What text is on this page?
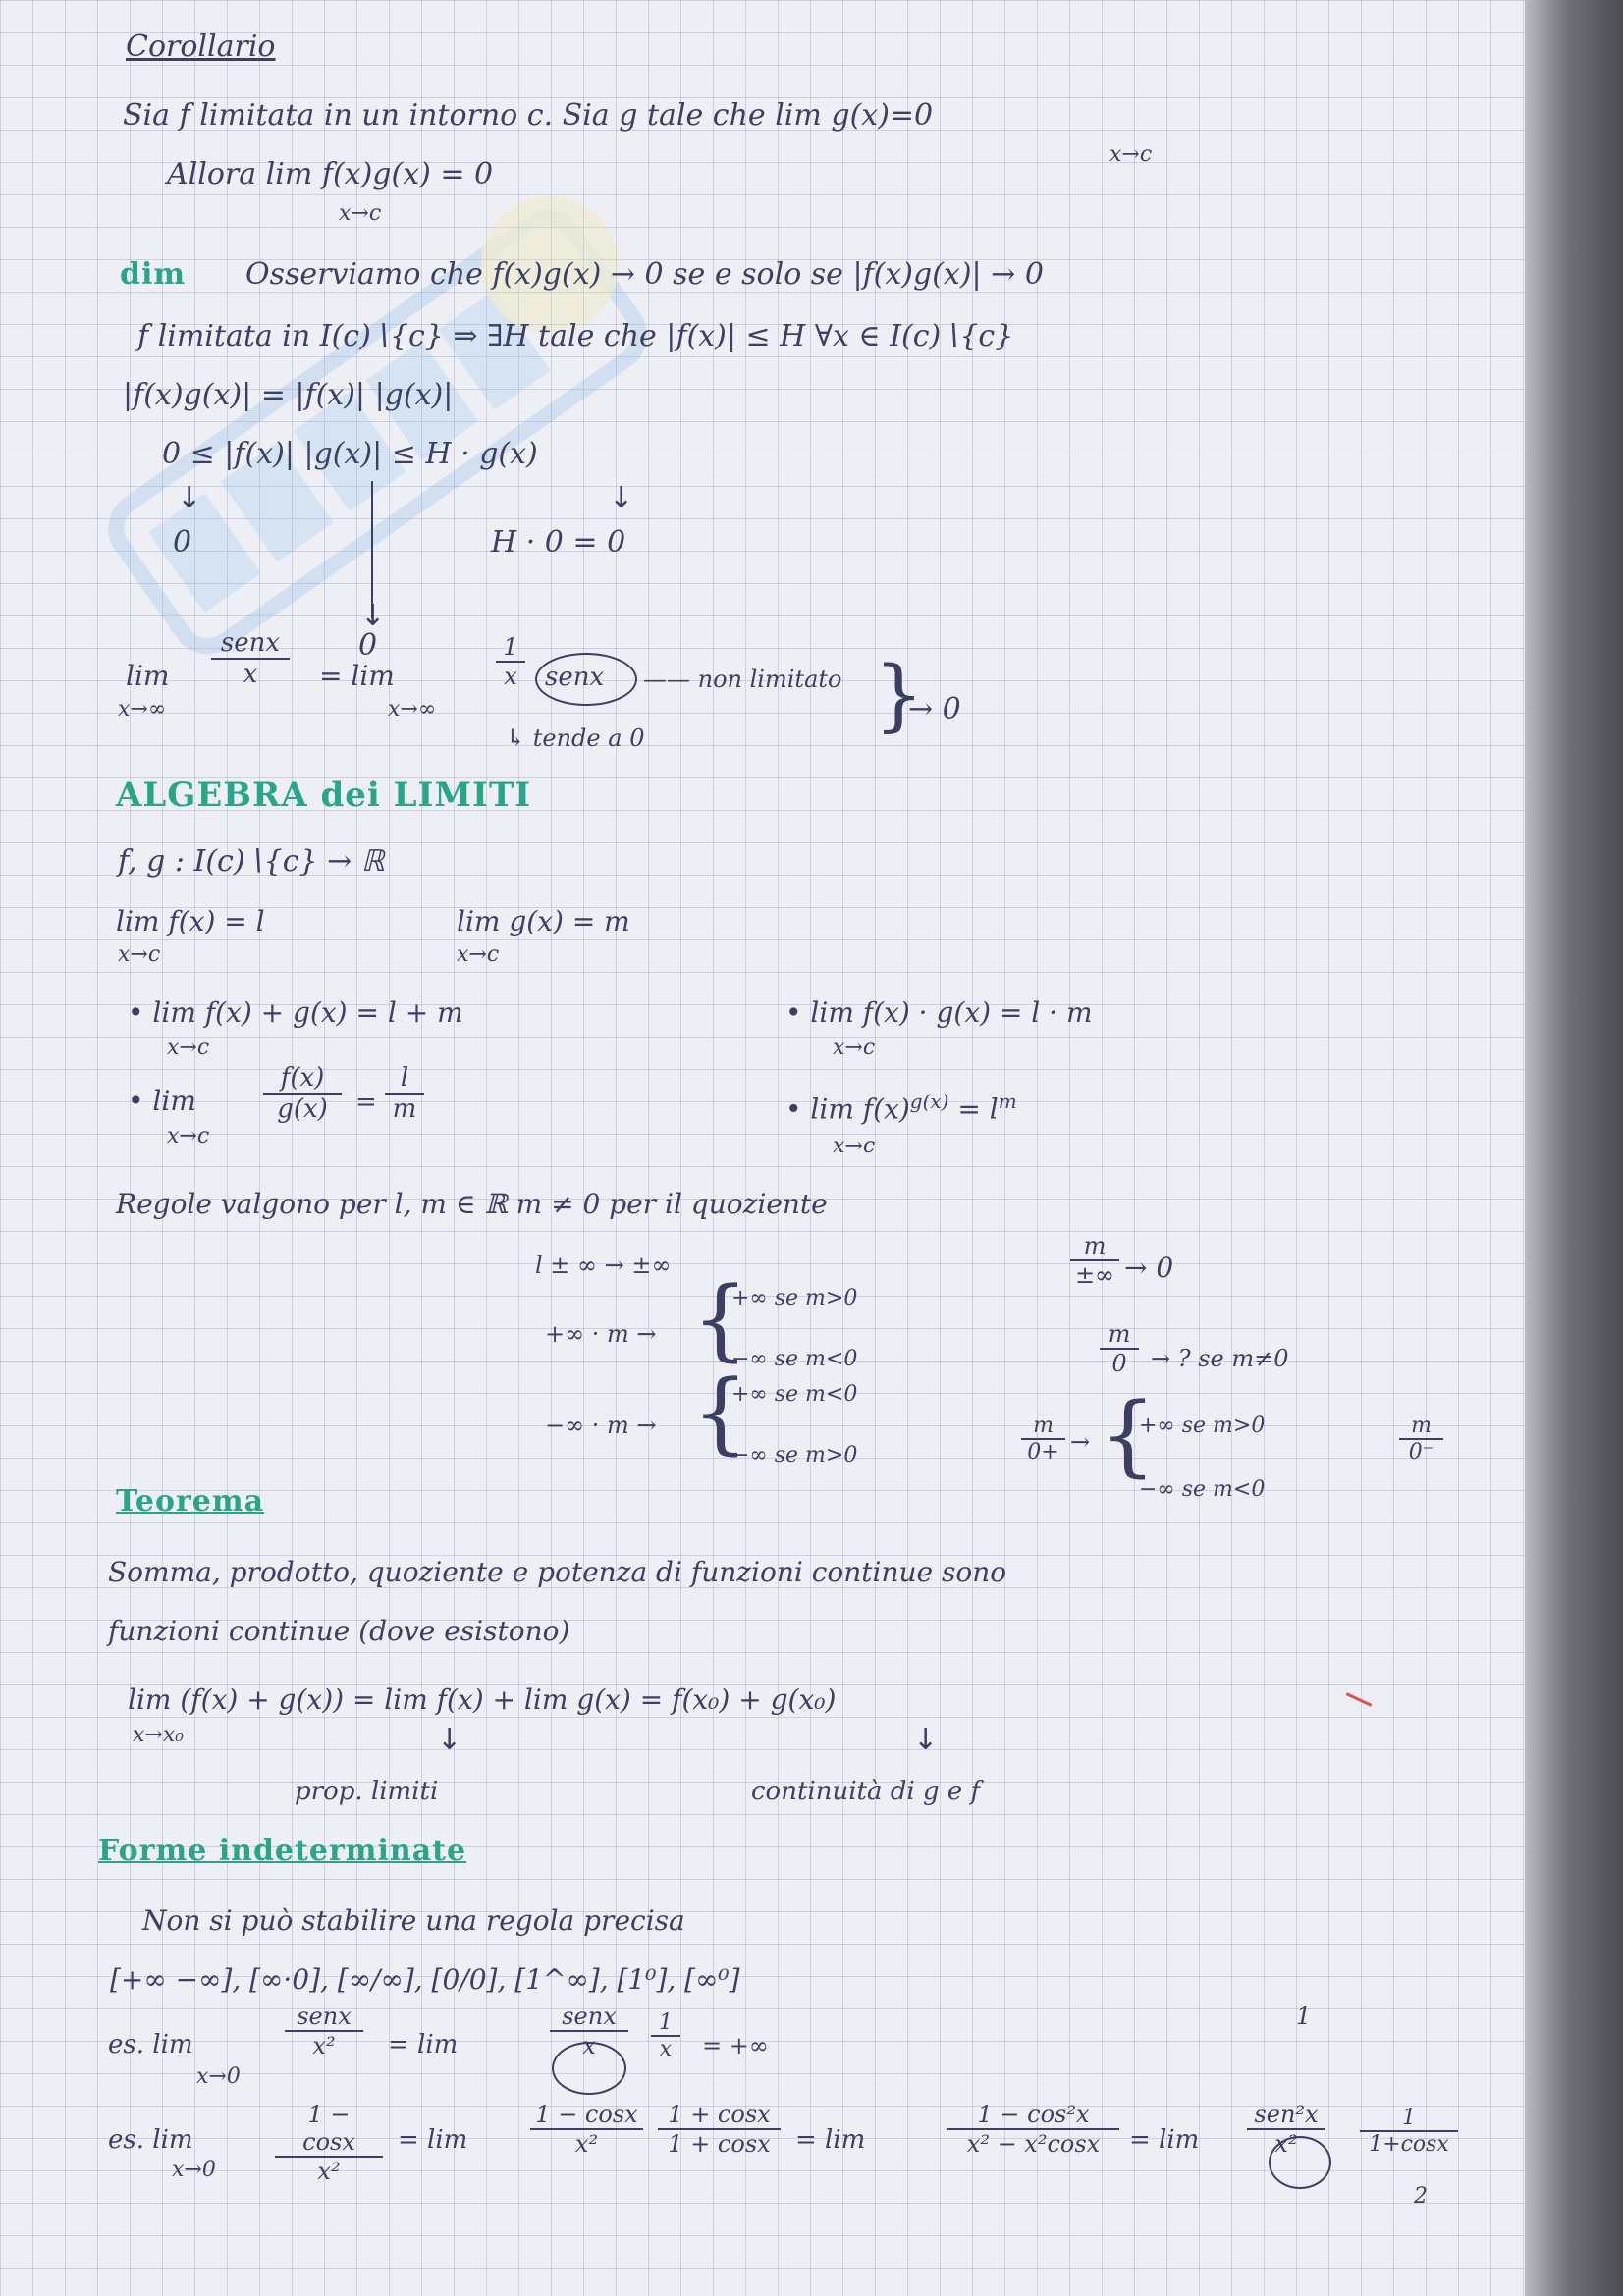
Corollario
Sia f limitata in un intorno c. Sia g tale che lim g(x)=0
x→c
Allora lim f(x)g(x) = 0
x→c
dim Osserviamo che f(x)g(x) → 0 se e solo se |f(x)g(x)| → 0
f limitata in I(c)∖{c} ⇒ ∃H tale che |f(x)| ≤ H ∀x ∈ I(c)∖{c}
|f(x)g(x)| = |f(x)| |g(x)|
0 ≤ |f(x)| |g(x)| ≤ H · g(x)
↓
0
↓
H · 0 = 0
↓
0
lim
x→∞
senx
x	= lim
x→∞
$\frac{1}{x}$ senx —— non limitato
↳ tende a 0	}
→ 0
ALGEBRA dei LIMITI
f, g : I(c)∖{c} → ℝ
lim f(x) = l
x→c
lim g(x) = m
x→c
• lim f(x) + g(x) = l + m
x→c
• lim f(x) · g(x) = l · m
x→c
• lim
x→c
$\frac{f(x)}{g(x)} = \frac{l}{m}$	• $\lim f(x)^{g(x)} = l^m$
x→c
Regole valgono per l, m ∈ ℝ m ≠ 0 per il quoziente
l ± ∞ → ±∞
+∞ · m → {
+∞ se m>0
−∞ se m<0
−∞ · m → {
+∞ se m<0
−∞ se m>0
m
±∞ → 0
$\frac{m}{0}$ → ? se m≠0
$\frac{m}{0+}$ → {
+∞ se m>0
−∞ se m<0
$\frac{m}{0^-}$
Teorema
Somma, prodotto, quoziente e potenza di funzioni continue sono
funzioni continue (dove esistono)
lim (f(x) + g(x)) = lim f(x) + lim g(x) = f(x₀) + g(x₀)
x→x₀	↓	↓
prop. limiti	continuità di g e f
Forme indeterminate
Non si può stabilire una regola precisa
[+∞ −∞], [∞·0], [∞/∞], [0/0], [1^∞], [1⁰], [∞⁰]
es. lim
x→0
senx
x²	= lim
senx
x	$\frac{1}{x}$ = +∞
1
es. lim
x→0	$\frac{1 - \cos x}{\text{x²}} = \lim$	$\frac{1 - \cos x}{\text{x²}} \frac{1 + \cos x}{1 + \cos x} = \lim$	$\frac{\text{1 − cos²x}}{\text{x² − x²cosx}} = \lim$
sen²x
x²	$\frac{1}{1+\cos x}$
2
